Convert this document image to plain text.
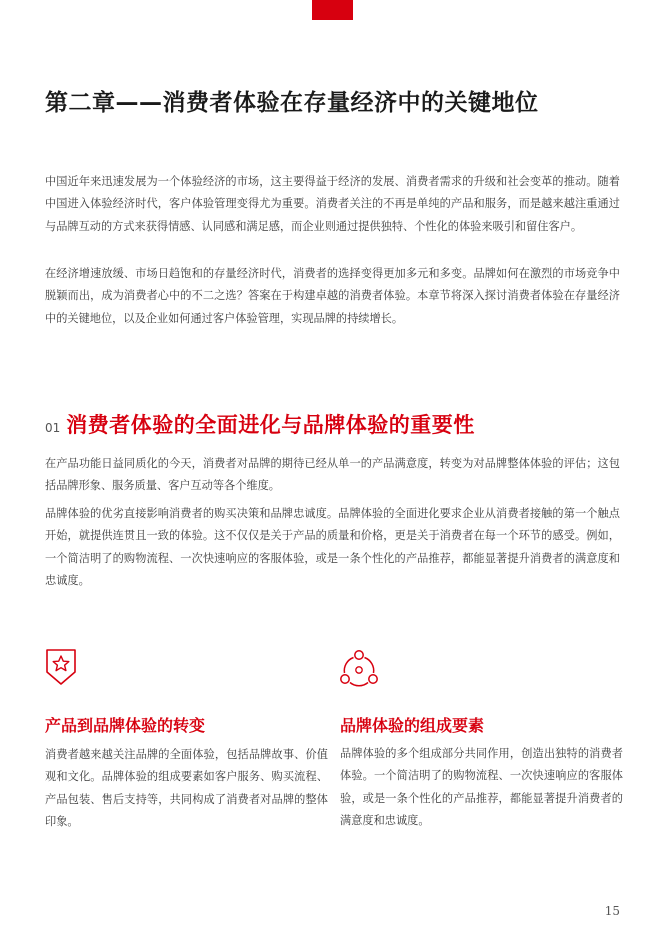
第二章——消费者体验在存量经济中的关键地位

中国近年来迅速发展为一个体验经济的市场，这主要得益于经济的发展、消费者需求的升级和社会变革的推动。随着中国进入体验经济时代，客户体验管理变得尤为重要。消费者关注的不再是单纯的产品和服务，而是越来越注重通过与品牌互动的方式来获得情感、认同感和满足感，而企业则通过提供独特、个性化的体验来吸引和留住客户。

在经济增速放缓、市场日趋饱和的存量经济时代，消费者的选择变得更加多元和多变。品牌如何在激烈的市场竞争中脱颖而出，成为消费者心中的不二之选？答案在于构建卓越的消费者体验。本章节将深入探讨消费者体验在存量经济中的关键地位，以及企业如何通过客户体验管理，实现品牌的持续增长。

01 消费者体验的全面进化与品牌体验的重要性

在产品功能日益同质化的今天，消费者对品牌的期待已经从单一的产品满意度，转变为对品牌整体体验的评估；这包括品牌形象、服务质量、客户互动等各个维度。

品牌体验的优劣直接影响消费者的购买决策和品牌忠诚度。品牌体验的全面进化要求企业从消费者接触的第一个触点开始，就提供连贯且一致的体验。这不仅仅是关于产品的质量和价格，更是关于消费者在每一个环节的感受。例如，一个简洁明了的购物流程、一次快速响应的客服体验，或是一条个性化的产品推荐，都能显著提升消费者的满意度和忠诚度。

产品到品牌体验的转变

消费者越来越关注品牌的全面体验，包括品牌故事、价值观和文化。品牌体验的组成要素如客户服务、购买流程、产品包装、售后支持等，共同构成了消费者对品牌的整体印象。

品牌体验的组成要素

品牌体验的多个组成部分共同作用，创造出独特的消费者体验。一个简洁明了的购物流程、一次快速响应的客服体验，或是一条个性化的产品推荐，都能显著提升消费者的满意度和忠诚度。

15
